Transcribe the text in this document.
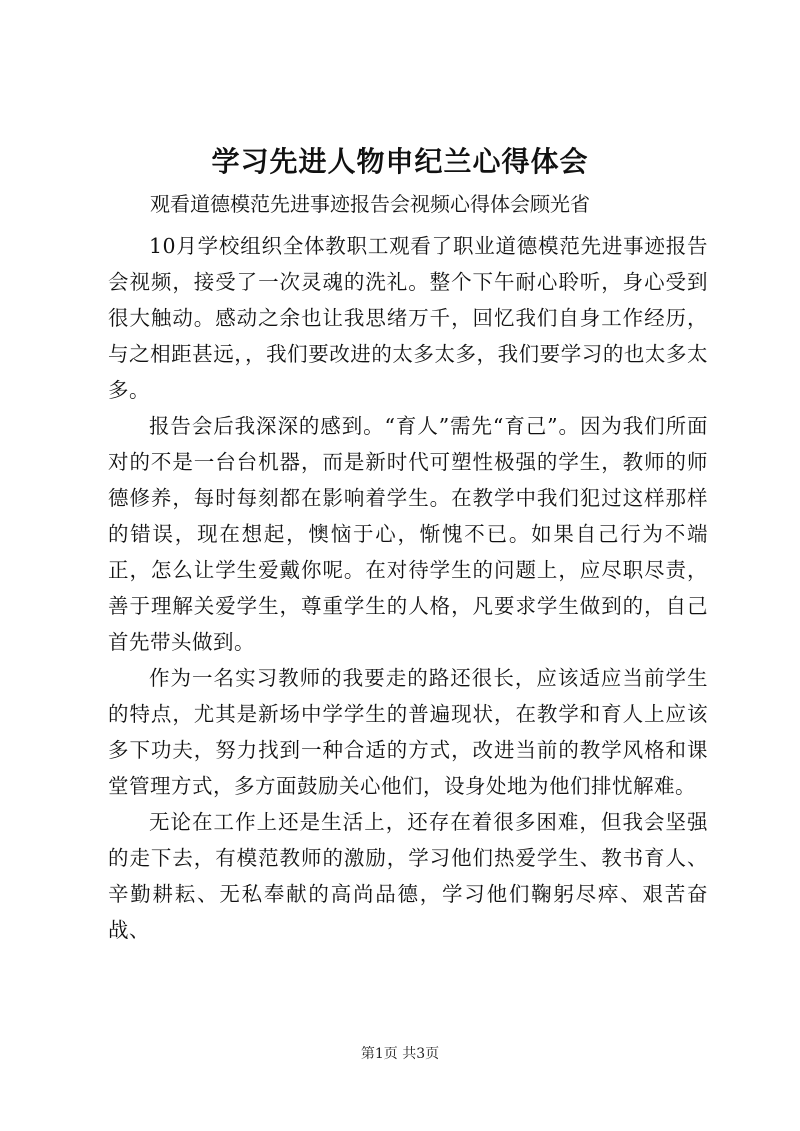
学习先进人物申纪兰心得体会
观看道德模范先进事迹报告会视频心得体会顾光省

10月学校组织全体教职工观看了职业道德模范先进事迹报告会视频，接受了一次灵魂的洗礼。整个下午耐心聆听，身心受到很大触动。感动之余也让我思绪万千，回忆我们自身工作经历，与之相距甚远，，我们要改进的太多太多，我们要学习的也太多太多。

报告会后我深深的感到。“育人”需先“育己”。因为我们所面对的不是一台台机器，而是新时代可塑性极强的学生，教师的师德修养，每时每刻都在影响着学生。在教学中我们犯过这样那样的错误，现在想起，懊恼于心，惭愧不已。如果自己行为不端正，怎么让学生爱戴你呢。在对待学生的问题上，应尽职尽责，善于理解关爱学生，尊重学生的人格，凡要求学生做到的，自己首先带头做到。

作为一名实习教师的我要走的路还很长，应该适应当前学生的特点，尤其是新场中学学生的普遍现状，在教学和育人上应该多下功夫，努力找到一种合适的方式，改进当前的教学风格和课堂管理方式，多方面鼓励关心他们，设身处地为他们排忧解难。

无论在工作上还是生活上，还存在着很多困难，但我会坚强的走下去，有模范教师的激励，学习他们热爱学生、教书育人、辛勤耕耘、无私奉献的高尚品德，学习他们鞠躬尽瘁、艰苦奋战、

第1页 共3页
